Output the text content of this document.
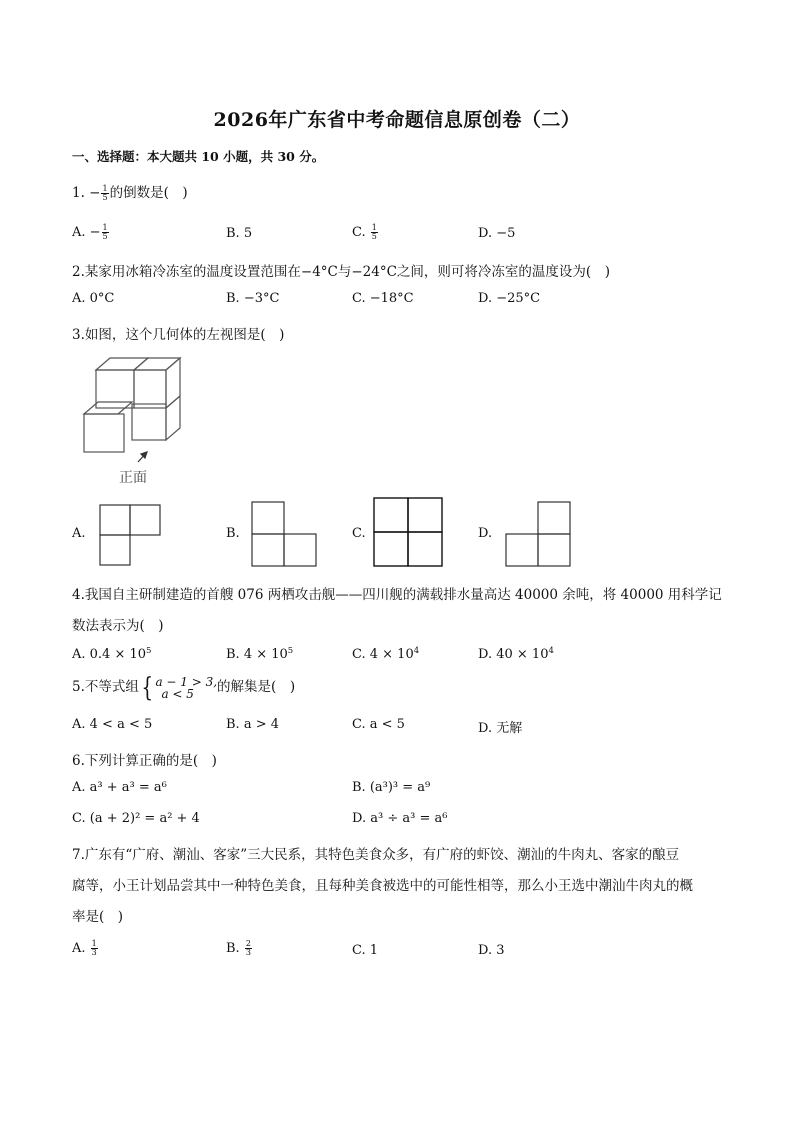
2026年广东省中考命题信息原创卷（二）
一、选择题：本大题共 10 小题，共 30 分。
1. − $\frac{1}{5}$ 的倒数是(　)
A. − $\frac{1}{5}$	B. 5	C. $\frac{1}{5}$	D. −5
2.某家用冰箱冷冻室的温度设置范围在−4°C与−24°C之间，则可将冷冻室的温度设为(　)
A. 0°C	B. −3°C	C. −18°C	D. −25°C
3.如图，这个几何体的左视图是(　)
正面
A.	B.	C.	D.
4.我国自主研制建造的首艘 076 两栖攻击舰——四川舰的满载排水量高达 40000 余吨，将 40000 用科学记
数法表示为(　)
A. $0.4 \times 10^5$	B. $4 \times 10^5$	C. $4 \times 10^4$	D. $40 \times 10^4$
5.不等式组{ a − 1 > 3,
a < 5	的解集是(　)
A. 4 < a < 5	B. a > 4	C. a < 5	D. 无解
6.下列计算正确的是(　)
A. a³ + a³ = a⁶	B. (a³)³ = a⁹
C. (a + 2)² = a² + 4	D. a³ ÷ a³ = a⁶
7.广东有“广府、潮汕、客家”三大民系，其特色美食众多，有广府的虾饺、潮汕的牛肉丸、客家的酿豆
腐等，小王计划品尝其中一种特色美食，且每种美食被选中的可能性相等，那么小王选中潮汕牛肉丸的概
率是(　)
A. $\frac{1}{3}$	B. $\frac{2}{3}$	C. 1	D. 3
